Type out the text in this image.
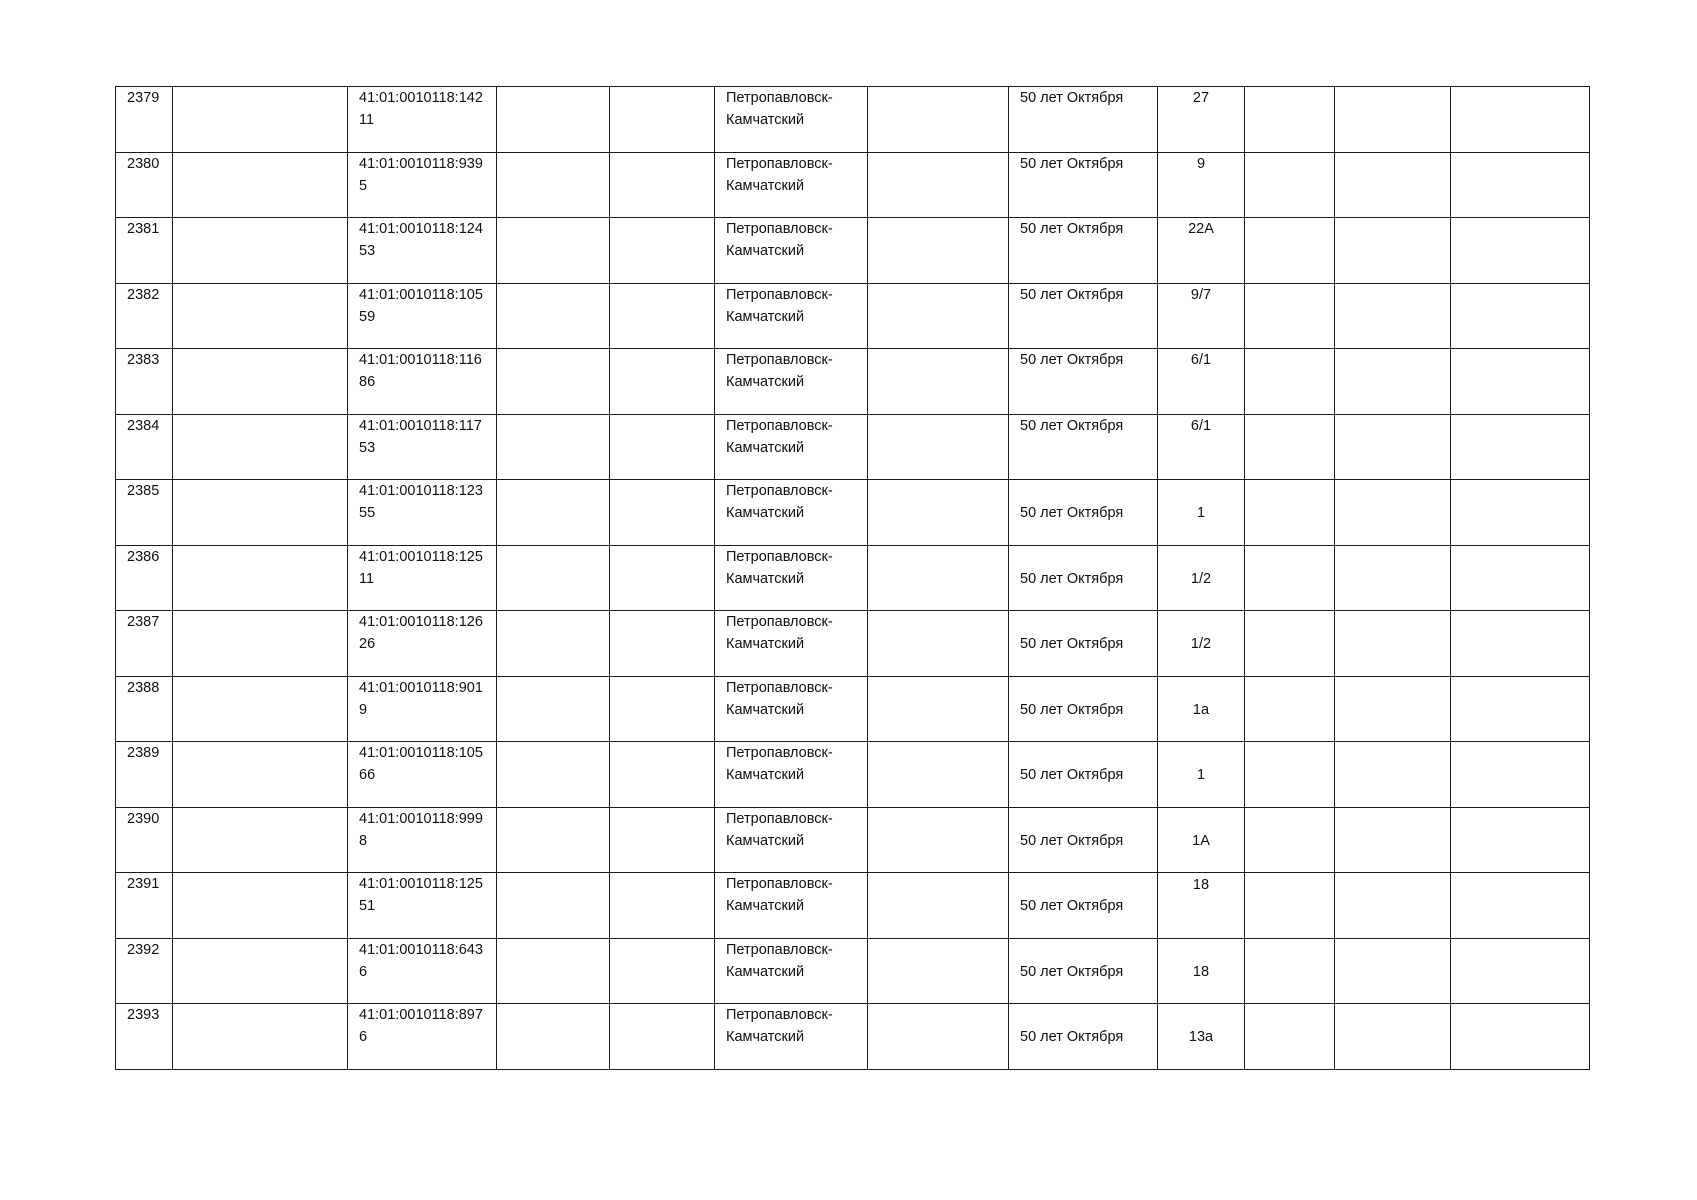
2379		41:01:0010118:14211			Петропавловск-Камчатский		50 лет Октября	27			
2380		41:01:0010118:9395			Петропавловск-Камчатский		50 лет Октября	9			
2381		41:01:0010118:12453			Петропавловск-Камчатский		50 лет Октября	22А			
2382		41:01:0010118:10559			Петропавловск-Камчатский		50 лет Октября	9/7			
2383		41:01:0010118:11686			Петропавловск-Камчатский		50 лет Октября	6/1			
2384		41:01:0010118:11753			Петропавловск-Камчатский		50 лет Октября	6/1			
2385		41:01:0010118:12355			Петропавловск-Камчатский		50 лет Октября	1			
2386		41:01:0010118:12511			Петропавловск-Камчатский		50 лет Октября	1/2			
2387		41:01:0010118:12626			Петропавловск-Камчатский		50 лет Октября	1/2			
2388		41:01:0010118:9019			Петропавловск-Камчатский		50 лет Октября	1а			
2389		41:01:0010118:10566			Петропавловск-Камчатский		50 лет Октября	1			
2390		41:01:0010118:9998			Петропавловск-Камчатский		50 лет Октября	1А			
2391		41:01:0010118:12551			Петропавловск-Камчатский		50 лет Октября	18			
2392		41:01:0010118:6436			Петропавловск-Камчатский		50 лет Октября	18			
2393		41:01:0010118:8976			Петропавловск-Камчатский		50 лет Октября	13а			
